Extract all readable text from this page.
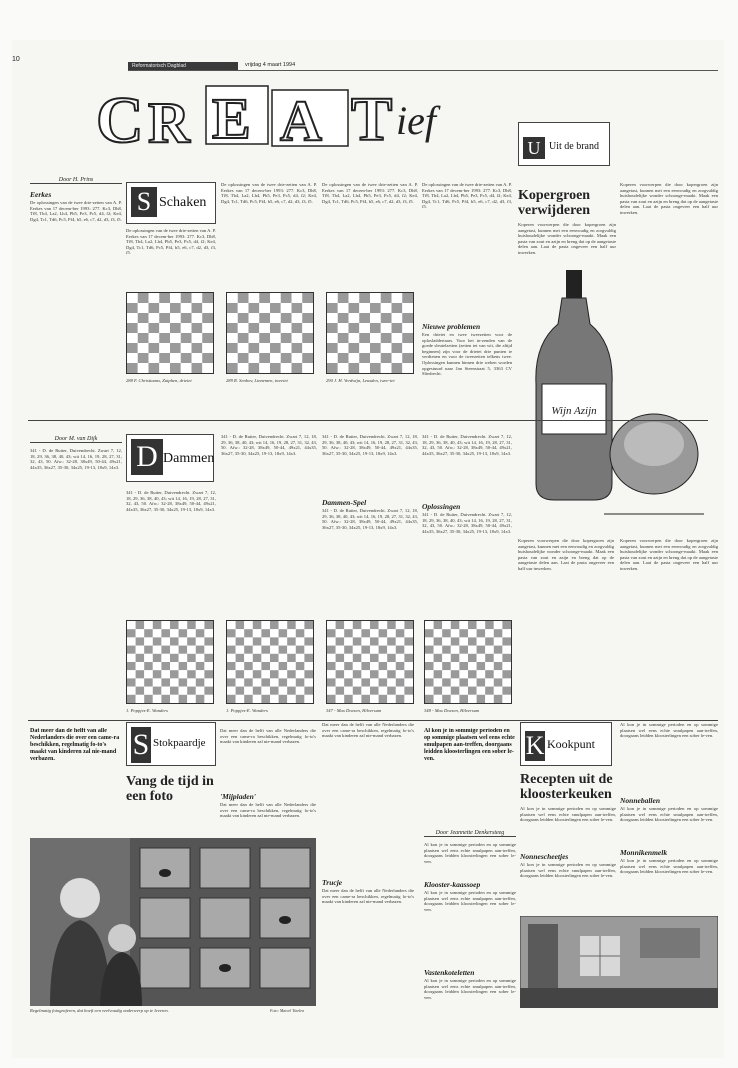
10
Reformatorisch Dagblad	vrijdag 4 maart 1994
C R E A T ief
Door H. Prins
Eerkes
De oplossingen van de twee drie-zetten van A. P. Eerkes van 17 decem-ber 1993: 277. Kc3, Dh8, Tf8, Tb4, La2, Lh4, Pb5, Pe3, Pc5, d4, f2; Ke4, Dg4, Tc1, Td6, Pc5, Pf4, b5, e6, c7, d2, d3, f3, f5.
S Schaken
De oplossingen van de twee drie-zetten van A. P. Eerkes van 17 decem-ber 1993: 277. Kc3, Dh8, Tf8, Tb4, La2, Lh4, Pb5, Pe3, Pc5, d4, f2; Ke4, Dg4, Tc1, Td6, Pc5, Pf4, b5, e6, c7, d2, d3, f3, f5.
De oplossingen van de twee drie-zetten van A. P. Eerkes van 17 decem-ber 1993: 277. Kc3, Dh8, Tf8, Tb4, La2, Lh4, Pb5, Pe3, Pc5, d4, f2; Ke4, Dg4, Tc1, Td6, Pc5, Pf4, b5, e6, c7, d2, d3, f3, f5.
De oplossingen van de twee drie-zetten van A. P. Eerkes van 17 decem-ber 1993: 277. Kc3, Dh8, Tf8, Tb4, La2, Lh4, Pb5, Pe3, Pc5, d4, f2; Ke4, Dg4, Tc1, Td6, Pc5, Pf4, b5, e6, c7, d2, d3, f3, f5.
De oplossingen van de twee drie-zetten van A. P. Eerkes van 17 decem-ber 1993: 277. Kc3, Dh8, Tf8, Tb4, La2, Lh4, Pb5, Pe3, Pc5, d4, f2; Ke4, Dg4, Tc1, Td6, Pc5, Pf4, b5, e6, c7, d2, d3, f3, f5.
Nieuwe problemen
Een drietet en twee tweezetten voor de oplosladdertaars. Voor het in-zenden van de goede sleutelzetten (zetten tet van wit, die altijd beginnen) zijn voor de drietet drie punten te verdienen en voor de tweezetten telkens twee. Oplossingen kunnen binnen drie weken worden opgestuurd naar Jan Steenstraat 5, 3363 CV Sliedrecht.
288 F. Christiaans, Zutphen, drietet	289 R. Senhov, Linnemen, tweetet	290 J. H. Verdwijn, Leusden, twee-tet
U Uit de brand
Kopergroen verwijderen
Koperen voorwerpen die door kopergroen zijn aangetast, kunnen met een eenvoudig en zorgvuldig huishoudelijke wonder schoonge-maakt. Maak een pasta van zout en azijn en breng dat op de aangetaste delen aan. Laat de pasta ongeveer een half uur inwerken.
Koperen voorwerpen die door kopergroen zijn aangetast, kunnen met een eenvoudig en zorgvuldig huishoudelijke wonder schoonge-maakt. Maak een pasta van zout en azijn en breng dat op de aangetaste delen aan. Laat de pasta ongeveer een half uur inwerken.
Wijn Azijn
Door M. van Dijk
341 - D. de Ruiter, Duivendrecht. Zwart 7, 12, 18, 29, 36, 38, 40, 43; wit 14, 16, 19, 28, 27, 31, 32, 43, 50. Afw.: 32-28, 38x49, 50-44, 49x21, 44x35, 36x27, 35-30, 34x25, 19-13, 18x9, 14x3. D Dammen
341 - D. de Ruiter, Duivendrecht. Zwart 7, 12, 18, 29, 36, 38, 40, 43; wit 14, 16, 19, 28, 27, 31, 32, 43, 50. Afw.: 32-28, 38x49, 50-44, 49x21, 44x35, 36x27, 35-30, 34x25, 19-13, 18x9, 14x3.
341 - D. de Ruiter, Duivendrecht. Zwart 7, 12, 18, 29, 36, 38, 40, 43; wit 14, 16, 19, 28, 27, 31, 32, 43, 50. Afw.: 32-28, 38x49, 50-44, 49x21, 44x35, 36x27, 35-30, 34x25, 19-13, 18x9, 14x3.
341 - D. de Ruiter, Duivendrecht. Zwart 7, 12, 18, 29, 36, 38, 40, 43; wit 14, 16, 19, 28, 27, 31, 32, 43, 50. Afw.: 32-28, 38x49, 50-44, 49x21, 44x35, 36x27, 35-30, 34x25, 19-13, 18x9, 14x3.
Dammen-Spel
341 - D. de Ruiter, Duivendrecht. Zwart 7, 12, 18, 29, 36, 38, 40, 43; wit 14, 16, 19, 28, 27, 31, 32, 43, 50. Afw.: 32-28, 38x49, 50-44, 49x21, 44x35, 36x27, 35-30, 34x25, 19-13, 18x9, 14x3.
341 - D. de Ruiter, Duivendrecht. Zwart 7, 12, 18, 29, 36, 38, 40, 43; wit 14, 16, 19, 28, 27, 31, 32, 43, 50. Afw.: 32-28, 38x49, 50-44, 49x21, 44x35, 36x27, 35-30, 34x25, 19-13, 18x9, 14x3.
Oplossingen
341 - D. de Ruiter, Duivendrecht. Zwart 7, 12, 18, 29, 36, 38, 40, 43; wit 14, 16, 19, 28, 27, 31, 32, 43, 50. Afw.: 32-28, 38x49, 50-44, 49x21, 44x35, 36x27, 35-30, 34x25, 19-13, 18x9, 14x3.
1. Poppjes-E. Wanders	1. Poppjes-E. Wanders	347 - Max Doesen, Hilversum	348 - Max Doesen, Hilversum
Koperen voorwerpen die door kopergroen zijn aangetast, kunnen met een eenvoudig en zorgvuldig huishoudelijke wonder schoonge-maakt. Maak een pasta van zout en azijn en breng dat op de aangetaste delen aan. Laat de pasta ongeveer een half uur inwerken.
Koperen voorwerpen die door kopergroen zijn aangetast, kunnen met een eenvoudig en zorgvuldig huishoudelijke wonder schoonge-maakt. Maak een pasta van zout en azijn en breng dat op de aangetaste delen aan. Laat de pasta ongeveer een half uur inwerken.
Dat meer dan de helft van alle Nederlanders die over een came-ra beschikken, regelmatig fo-to's maakt van kinderen zal nie-mand verbazen.	S Stokpaardje
Vang de tijd in een foto
Dat meer dan de helft van alle Nederlanders die over een came-ra beschikken, regelmatig fo-to's maakt van kinderen zal nie-mand verbazen.
'Mijpladen'
Dat meer dan de helft van alle Nederlanders die over een came-ra beschikken, regelmatig fo-to's maakt van kinderen zal nie-mand verbazen.
Dat meer dan de helft van alle Nederlanders die over een came-ra beschikken, regelmatig fo-to's maakt van kinderen zal nie-mand verbazen.
Trucje
Dat meer dan de helft van alle Nederlanders die over een came-ra beschikken, regelmatig fo-to's maakt van kinderen zal nie-mand verbazen.
Regelmatig fotograferen, dat hoeft een veelvoudig onderwerp op te leveren.	Foto: Marcel Tinelen
Al kon je in sommige perioden en op sommige plaatsen wel eens echte smulpapen aan-treffen, doorgaans leidden kloosterlingen een sober le-ven.
Door Jeannette Denkersteeg
Al kon je in sommige perioden en op sommige plaatsen wel eens echte smulpapen aan-treffen, doorgaans leidden kloosterlingen een sober le-ven.
Klooster-kaassoep
Al kon je in sommige perioden en op sommige plaatsen wel eens echte smulpapen aan-treffen, doorgaans leidden kloosterlingen een sober le-ven.
Vastenkoteletten
Al kon je in sommige perioden en op sommige plaatsen wel eens echte smulpapen aan-treffen, doorgaans leidden kloosterlingen een sober le-ven.
K Kookpunt
Recepten uit de kloosterkeuken
Al kon je in sommige perioden en op sommige plaatsen wel eens echte smulpapen aan-treffen, doorgaans leidden kloosterlingen een sober le-ven.
Nonnescheetjes
Al kon je in sommige perioden en op sommige plaatsen wel eens echte smulpapen aan-treffen, doorgaans leidden kloosterlingen een sober le-ven.
Al kon je in sommige perioden en op sommige plaatsen wel eens echte smulpapen aan-treffen, doorgaans leidden kloosterlingen een sober le-ven.
Nonneballen
Al kon je in sommige perioden en op sommige plaatsen wel eens echte smulpapen aan-treffen, doorgaans leidden kloosterlingen een sober le-ven.
Monnikenmelk
Al kon je in sommige perioden en op sommige plaatsen wel eens echte smulpapen aan-treffen, doorgaans leidden kloosterlingen een sober le-ven.
